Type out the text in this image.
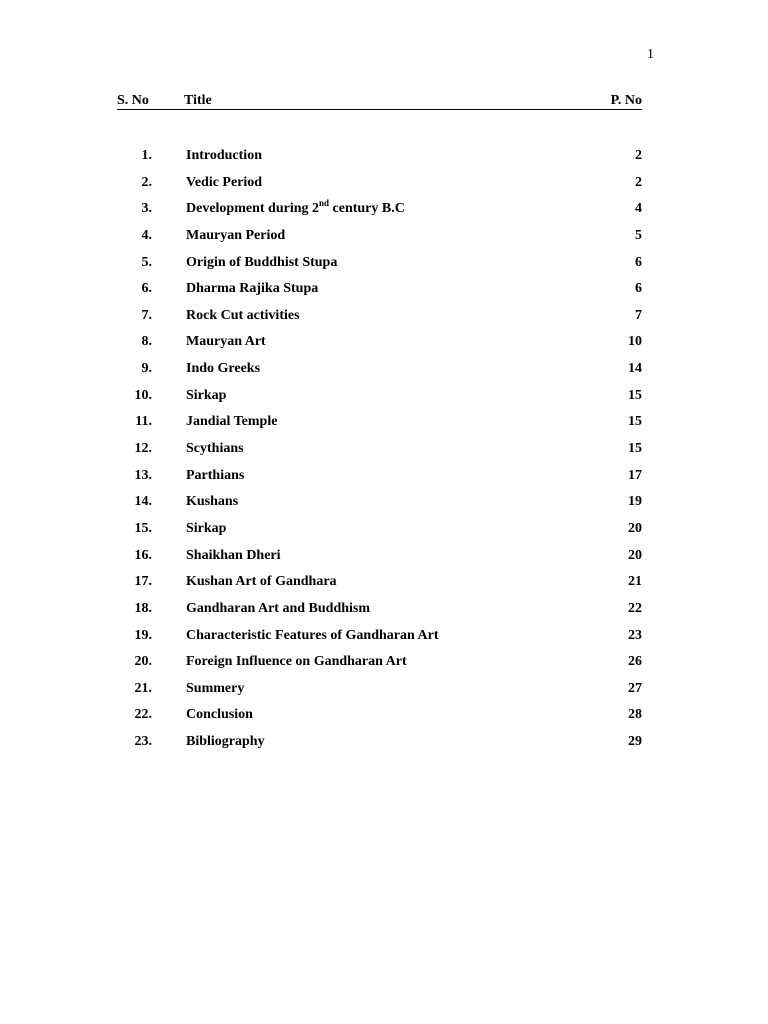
1
S. No	Title	P. No
1. Introduction	2
2. Vedic Period	2
3. Development during 2nd century B.C	4
4. Mauryan Period	5
5. Origin of Buddhist Stupa	6
6. Dharma Rajika Stupa	6
7. Rock Cut activities	7
8. Mauryan Art	10
9. Indo Greeks	14
10. Sirkap	15
11. Jandial Temple	15
12. Scythians	15
13. Parthians	17
14. Kushans	19
15. Sirkap	20
16. Shaikhan Dheri	20
17. Kushan Art of Gandhara	21
18. Gandharan Art and Buddhism	22
19. Characteristic Features of Gandharan Art	23
20. Foreign Influence on Gandharan Art	26
21. Summery	27
22. Conclusion	28
23. Bibliography	29
